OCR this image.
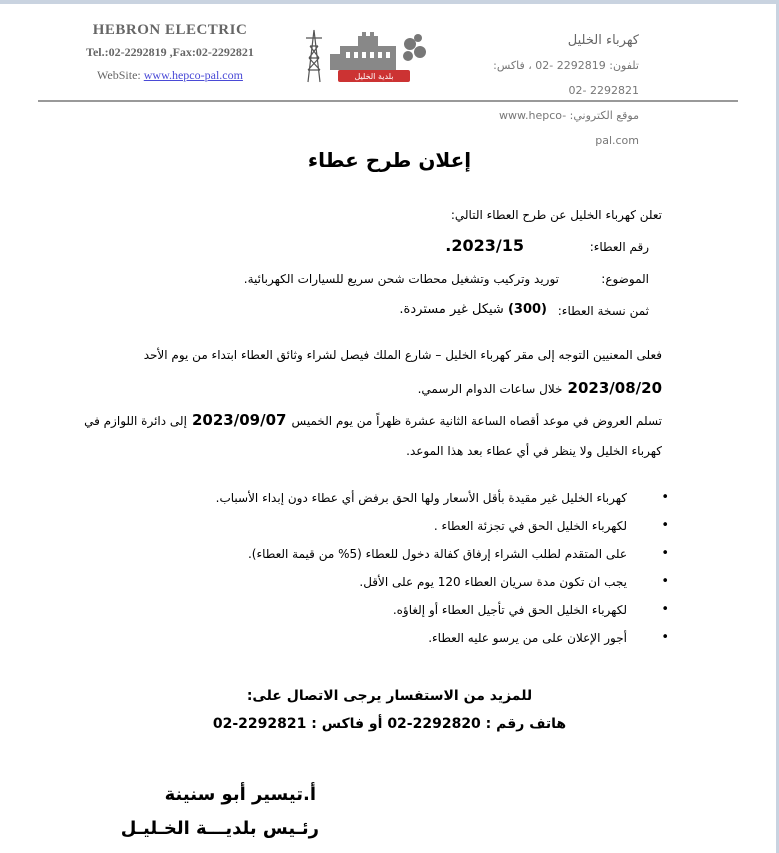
HEBRON ELECTRIC
Tel.:02-2292819 ,Fax:02-2292821
WebSite: www.hepco-pal.com	بلدية الخليل
كهرباء الخليل
تلفون: 2292819 -02 ، فاكس: 2292821 -02
موقع الكتروني: www.hepco-pal.com
إعلان طرح عطاء
تعلن كهرباء الخليل عن طرح العطاء التالي:
رقم العطاء:
2023/15.
الموضوع:
توريد وتركيب وتشغيل محطات شحن سريع للسيارات الكهربائية.
ثمن نسخة العطاء:
(300) شيكل غير مستردة.
فعلى المعنيين التوجه إلى مقر كهرباء الخليل – شارع الملك فيصل لشراء وثائق العطاء ابتداء من يوم الأحد
2023/08/20 خلال ساعات الدوام الرسمي.
تسلم العروض في موعد أقصاه الساعة الثانية عشرة ظهراً من يوم الخميس 2023/09/07 إلى دائرة اللوازم في
كهرباء الخليل ولا ينظر في أي عطاء بعد هذا الموعد.
•
كهرباء الخليل غير مقيدة بأقل الأسعار ولها الحق برفض أي عطاء دون إبداء الأسباب.
•
لكهرباء الخليل الحق في تجزئة العطاء .
•
على المتقدم لطلب الشراء إرفاق كفالة دخول للعطاء (5% من قيمة العطاء).
•
يجب ان تكون مدة سريان العطاء 120 يوم على الأقل.
•
لكهرباء الخليل الحق في تأجيل العطاء أو إلغاؤه.
•
أجور الإعلان على من يرسو عليه العطاء.
للمزيد من الاستفسار يرجى الاتصال على:
هاتف رقم : 2292820-02 أو فاكس : 2292821-02
أ.تيسير أبو سنينة
رئـيس بلديـــة الخـليـل
